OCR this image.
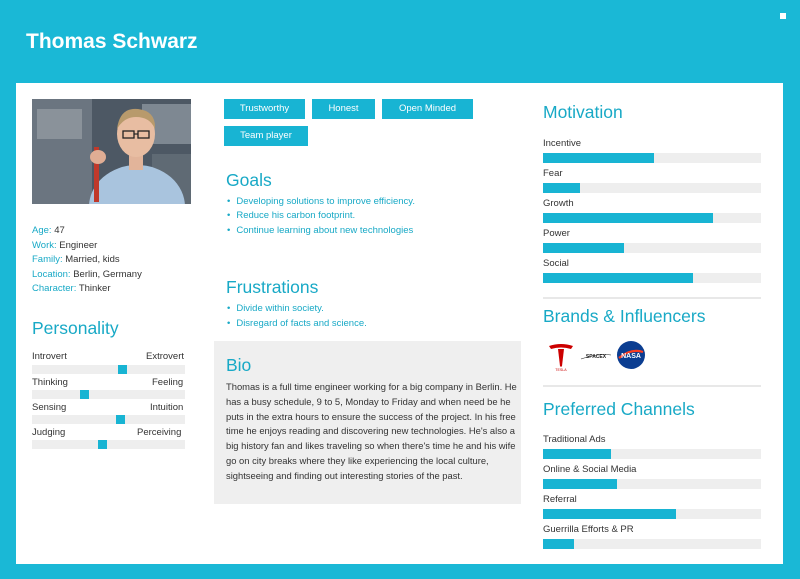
Thomas Schwarz
Age: 47
Work: Engineer
Family: Married, kids
Location: Berlin, Germany
Character: Thinker
Personality
Introvert	Extrovert
Thinking	Feeling
Sensing	Intuition
Judging	Perceiving
Trustworthy	Honest	Open Minded
Team player
Goals
• Developing solutions to improve efficiency.
• Reduce his carbon footprint.
• Continue learning about new technologies
Frustrations
• Divide within society.
• Disregard of facts and science.
Bio
Thomas is a full time engineer working for a big company in Berlin. He has a busy schedule, 9 to 5, Monday to Friday and when need be he puts in the extra hours to ensure the success of the project. In his free time he enjoys reading and discovering new technologies. He's also a big history fan and likes traveling so when there's time he and his wife go on city breaks where they like experiencing the local culture, sightseeing and finding out interesting stories of the past.
Motivation
Incentive
Fear
Growth
Power
Social
Brands & Influencers
TESLA
SPACEX NASA
Preferred Channels
Traditional Ads
Online & Social Media
Referral
Guerrilla Efforts & PR
